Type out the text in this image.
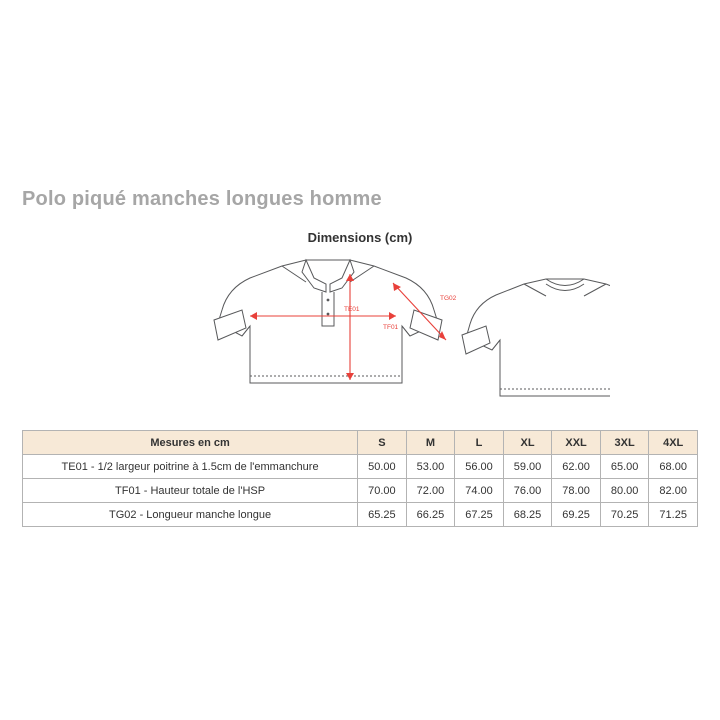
Polo piqué manches longues homme
Dimensions (cm)
TE01
TF01
TG02
Mesures en cm	S	M	L	XL	XXL	3XL	4XL
TE01 - 1/2 largeur poitrine à 1.5cm de l'emmanchure	50.00	53.00	56.00	59.00	62.00	65.00	68.00
TF01 - Hauteur totale de l'HSP	70.00	72.00	74.00	76.00	78.00	80.00	82.00
TG02 - Longueur manche longue	65.25	66.25	67.25	68.25	69.25	70.25	71.25
